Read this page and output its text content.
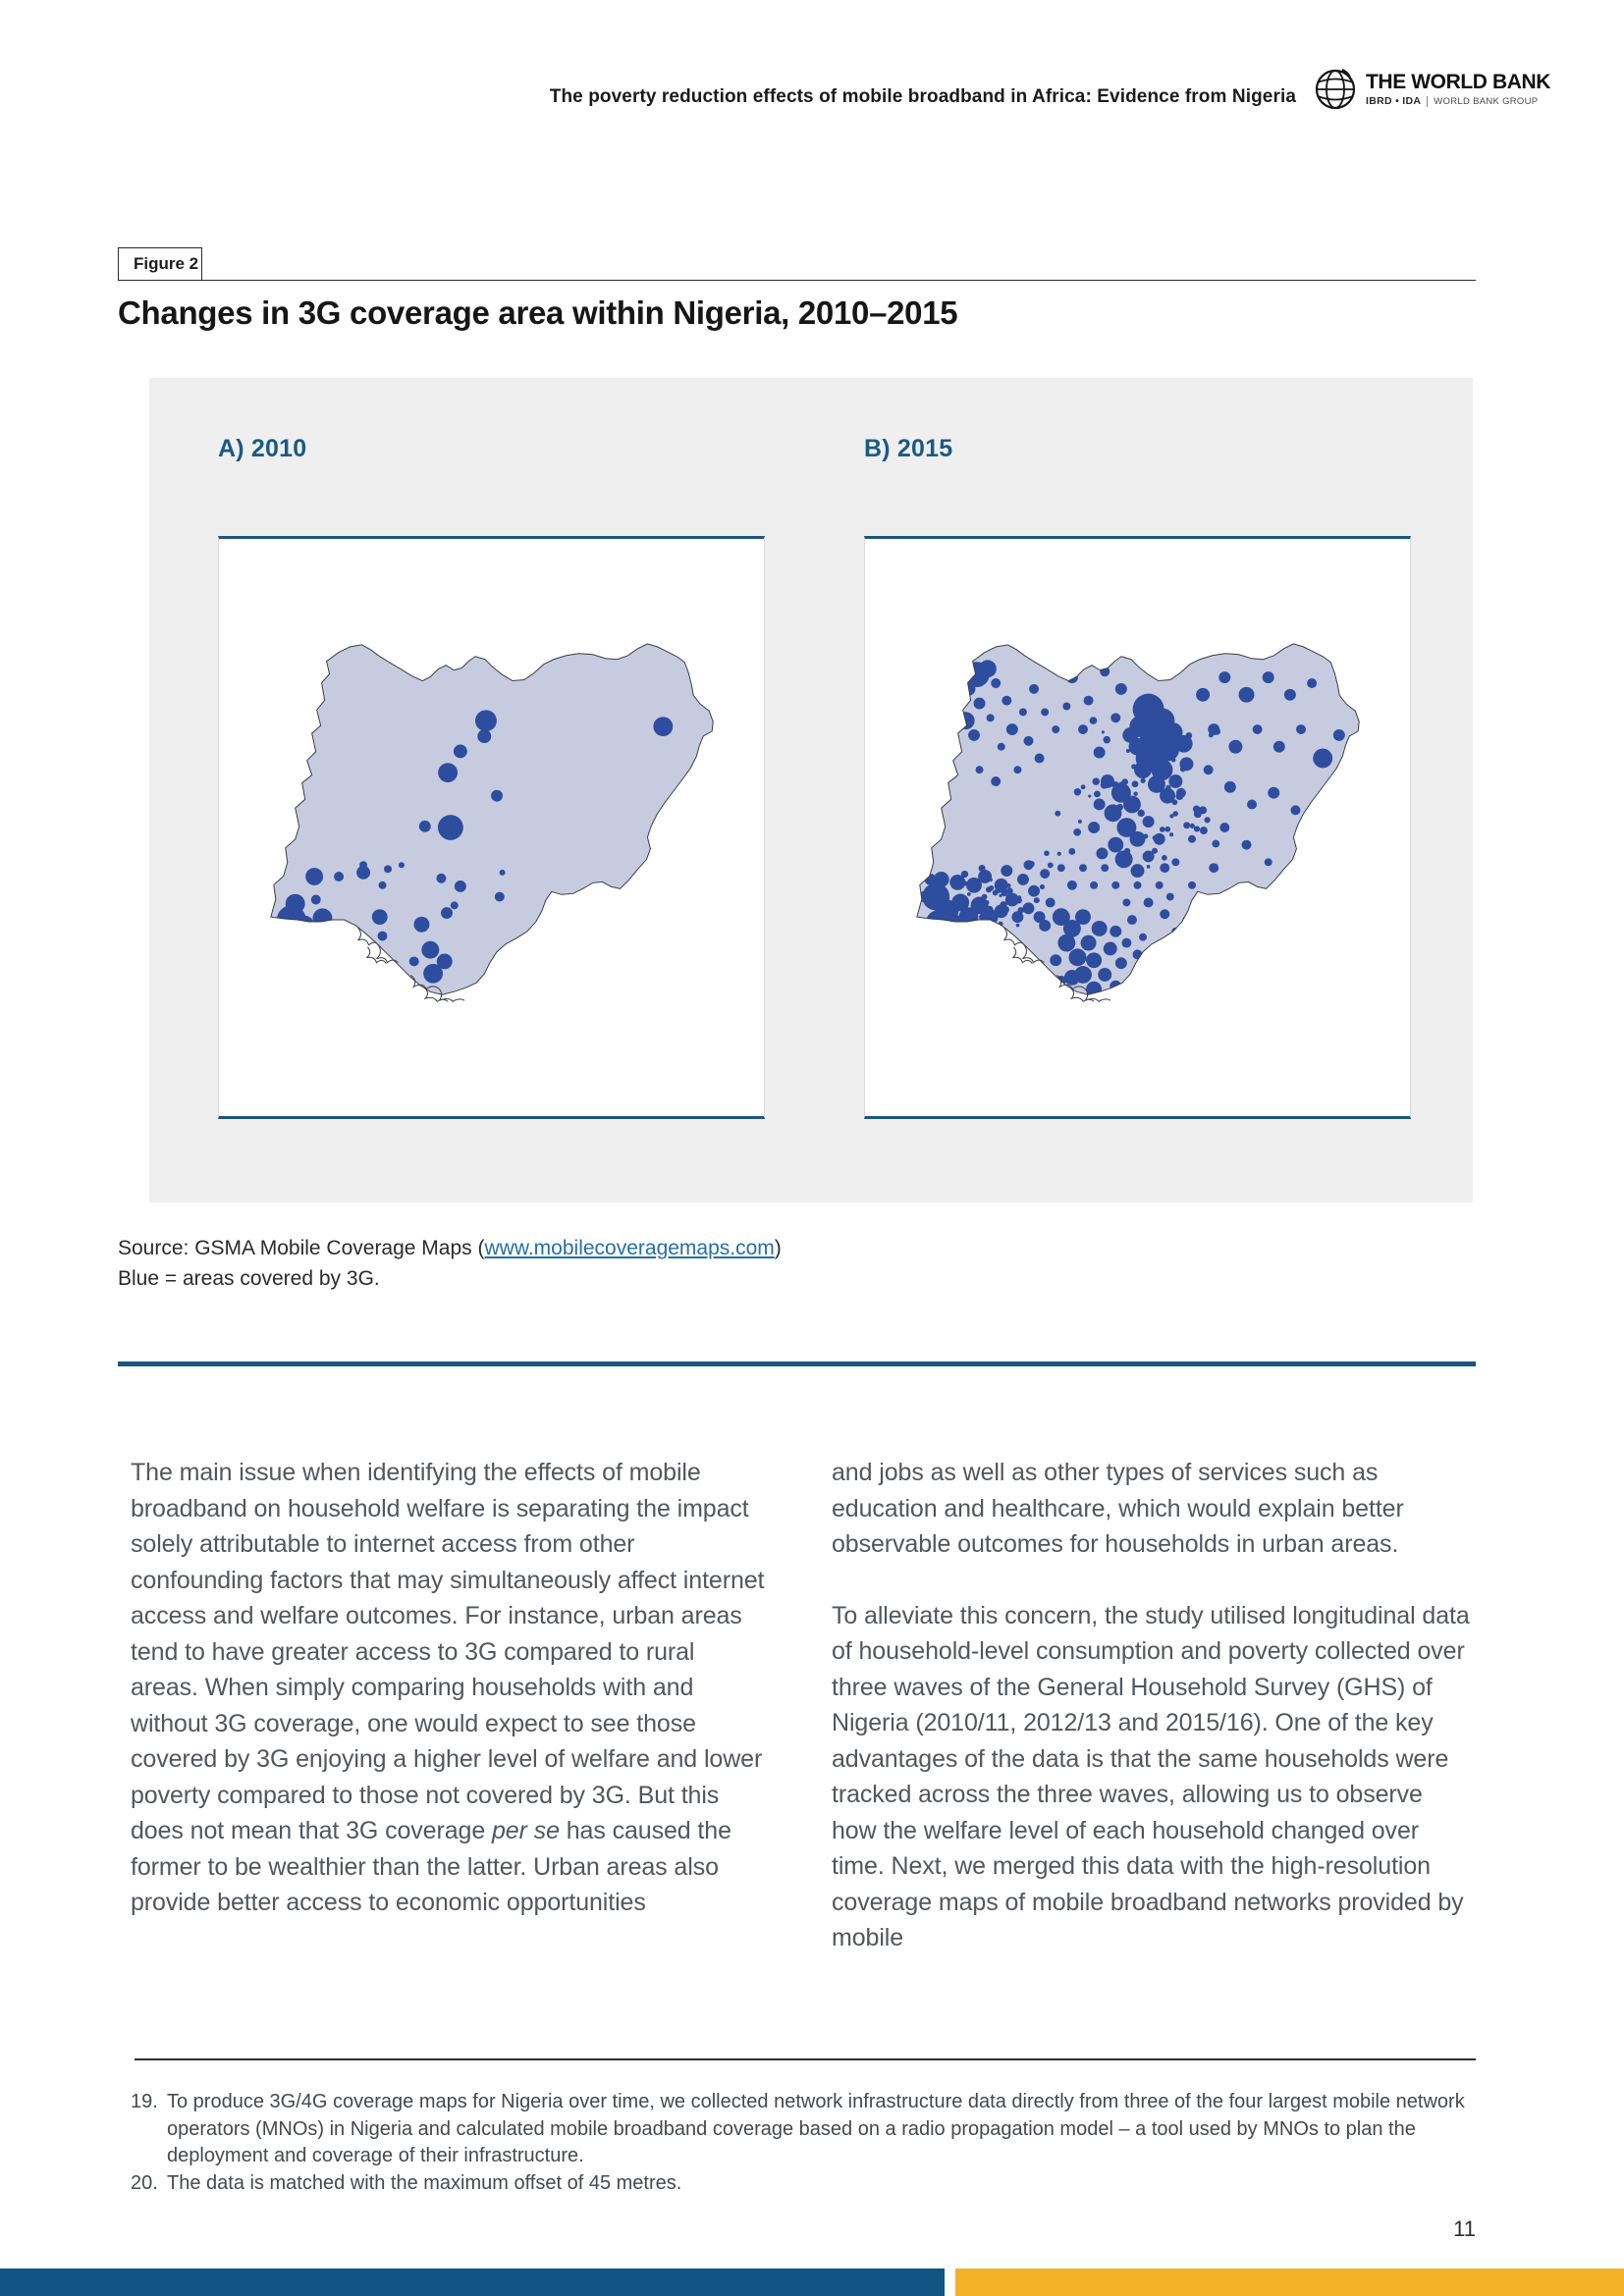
The poverty reduction effects of mobile broadband in Africa: Evidence from Nigeria
THE WORLD BANK
IBRD • IDA WORLD BANK GROUP
Figure 2
Changes in 3G coverage area within Nigeria, 2010–2015
A) 2010	B) 2015
Source: GSMA Mobile Coverage Maps (www.mobilecoveragemaps.com)
Blue = areas covered by 3G.

The main issue when identifying the effects of mobile broadband on household welfare is separating the impact solely attributable to internet access from other confounding factors that may simultaneously affect internet access and welfare outcomes. For instance, urban areas tend to have greater access to 3G compared to rural areas. When simply comparing households with and without 3G coverage, one would expect to see those covered by 3G enjoying a higher level of welfare and lower poverty compared to those not covered by 3G. But this does not mean that 3G coverage per se has caused the former to be wealthier than the latter. Urban areas also provide better access to economic opportunities

and jobs as well as other types of services such as education and healthcare, which would explain better observable outcomes for households in urban areas.

To alleviate this concern, the study utilised longitudinal data of household-level consumption and poverty collected over three waves of the General Household Survey (GHS) of Nigeria (2010/11, 2012/13 and 2015/16). One of the key advantages of the data is that the same households were tracked across the three waves, allowing us to observe how the welfare level of each household changed over time. Next, we merged this data with the high-resolution coverage maps of mobile broadband networks provided by mobile

19. To produce 3G/4G coverage maps for Nigeria over time, we collected network infrastructure data directly from three of the four largest mobile network operators (MNOs) in Nigeria and calculated mobile broadband coverage based on a radio propagation model – a tool used by MNOs to plan the deployment and coverage of their infrastructure.
20. The data is matched with the maximum offset of 45 metres.
11
